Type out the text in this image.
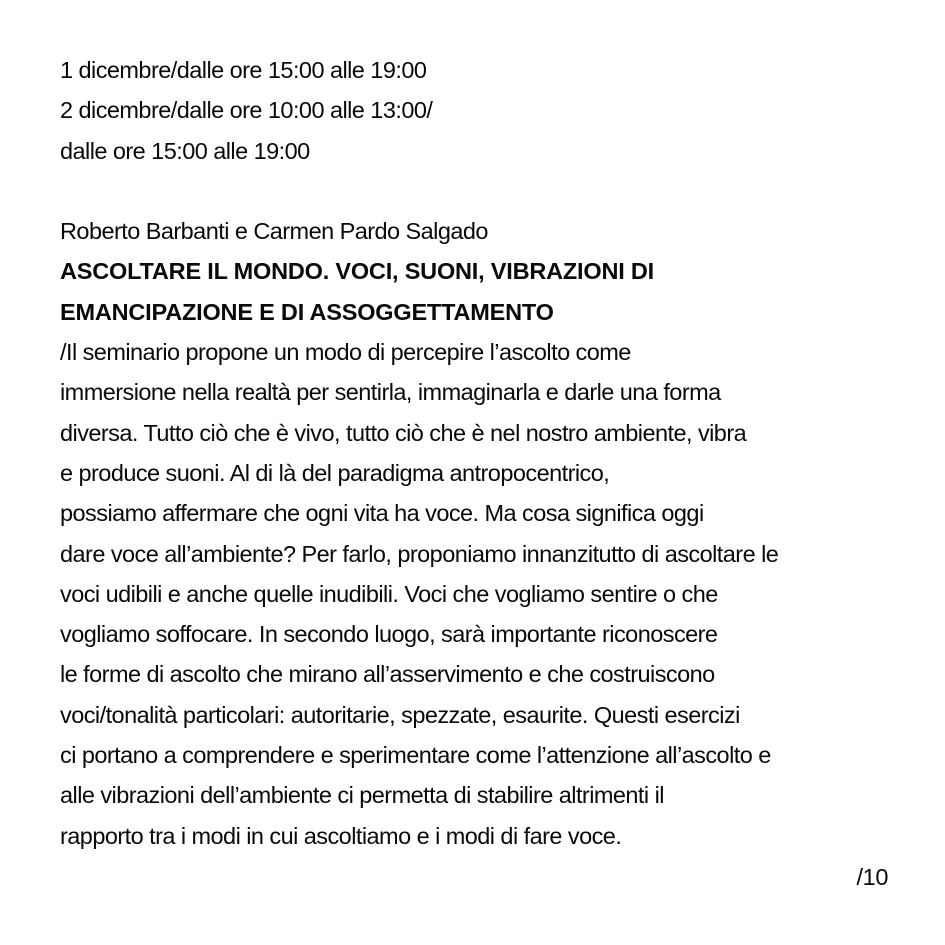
1 dicembre/dalle ore 15:00 alle 19:00
2 dicembre/dalle ore 10:00 alle 13:00/
dalle ore 15:00 alle 19:00
Roberto Barbanti e Carmen Pardo Salgado
ASCOLTARE IL MONDO. VOCI, SUONI, VIBRAZIONI DI
EMANCIPAZIONE E DI ASSOGGETTAMENTO
/Il seminario propone un modo di percepire l’ascolto come
immersione nella realtà per sentirla, immaginarla e darle una forma
diversa. Tutto ciò che è vivo, tutto ciò che è nel nostro ambiente, vibra
e produce suoni. Al di là del paradigma antropocentrico,
possiamo affermare che ogni vita ha voce. Ma cosa significa oggi
dare voce all’ambiente? Per farlo, proponiamo innanzitutto di ascoltare le
voci udibili e anche quelle inudibili. Voci che vogliamo sentire o che
vogliamo soffocare. In secondo luogo, sarà importante riconoscere
le forme di ascolto che mirano all’asservimento e che costruiscono
voci/tonalità particolari: autoritarie, spezzate, esaurite. Questi esercizi
ci portano a comprendere e sperimentare come l’attenzione all’ascolto e
alle vibrazioni dell’ambiente ci permetta di stabilire altrimenti il
rapporto tra i modi in cui ascoltiamo e i modi di fare voce.
/10
